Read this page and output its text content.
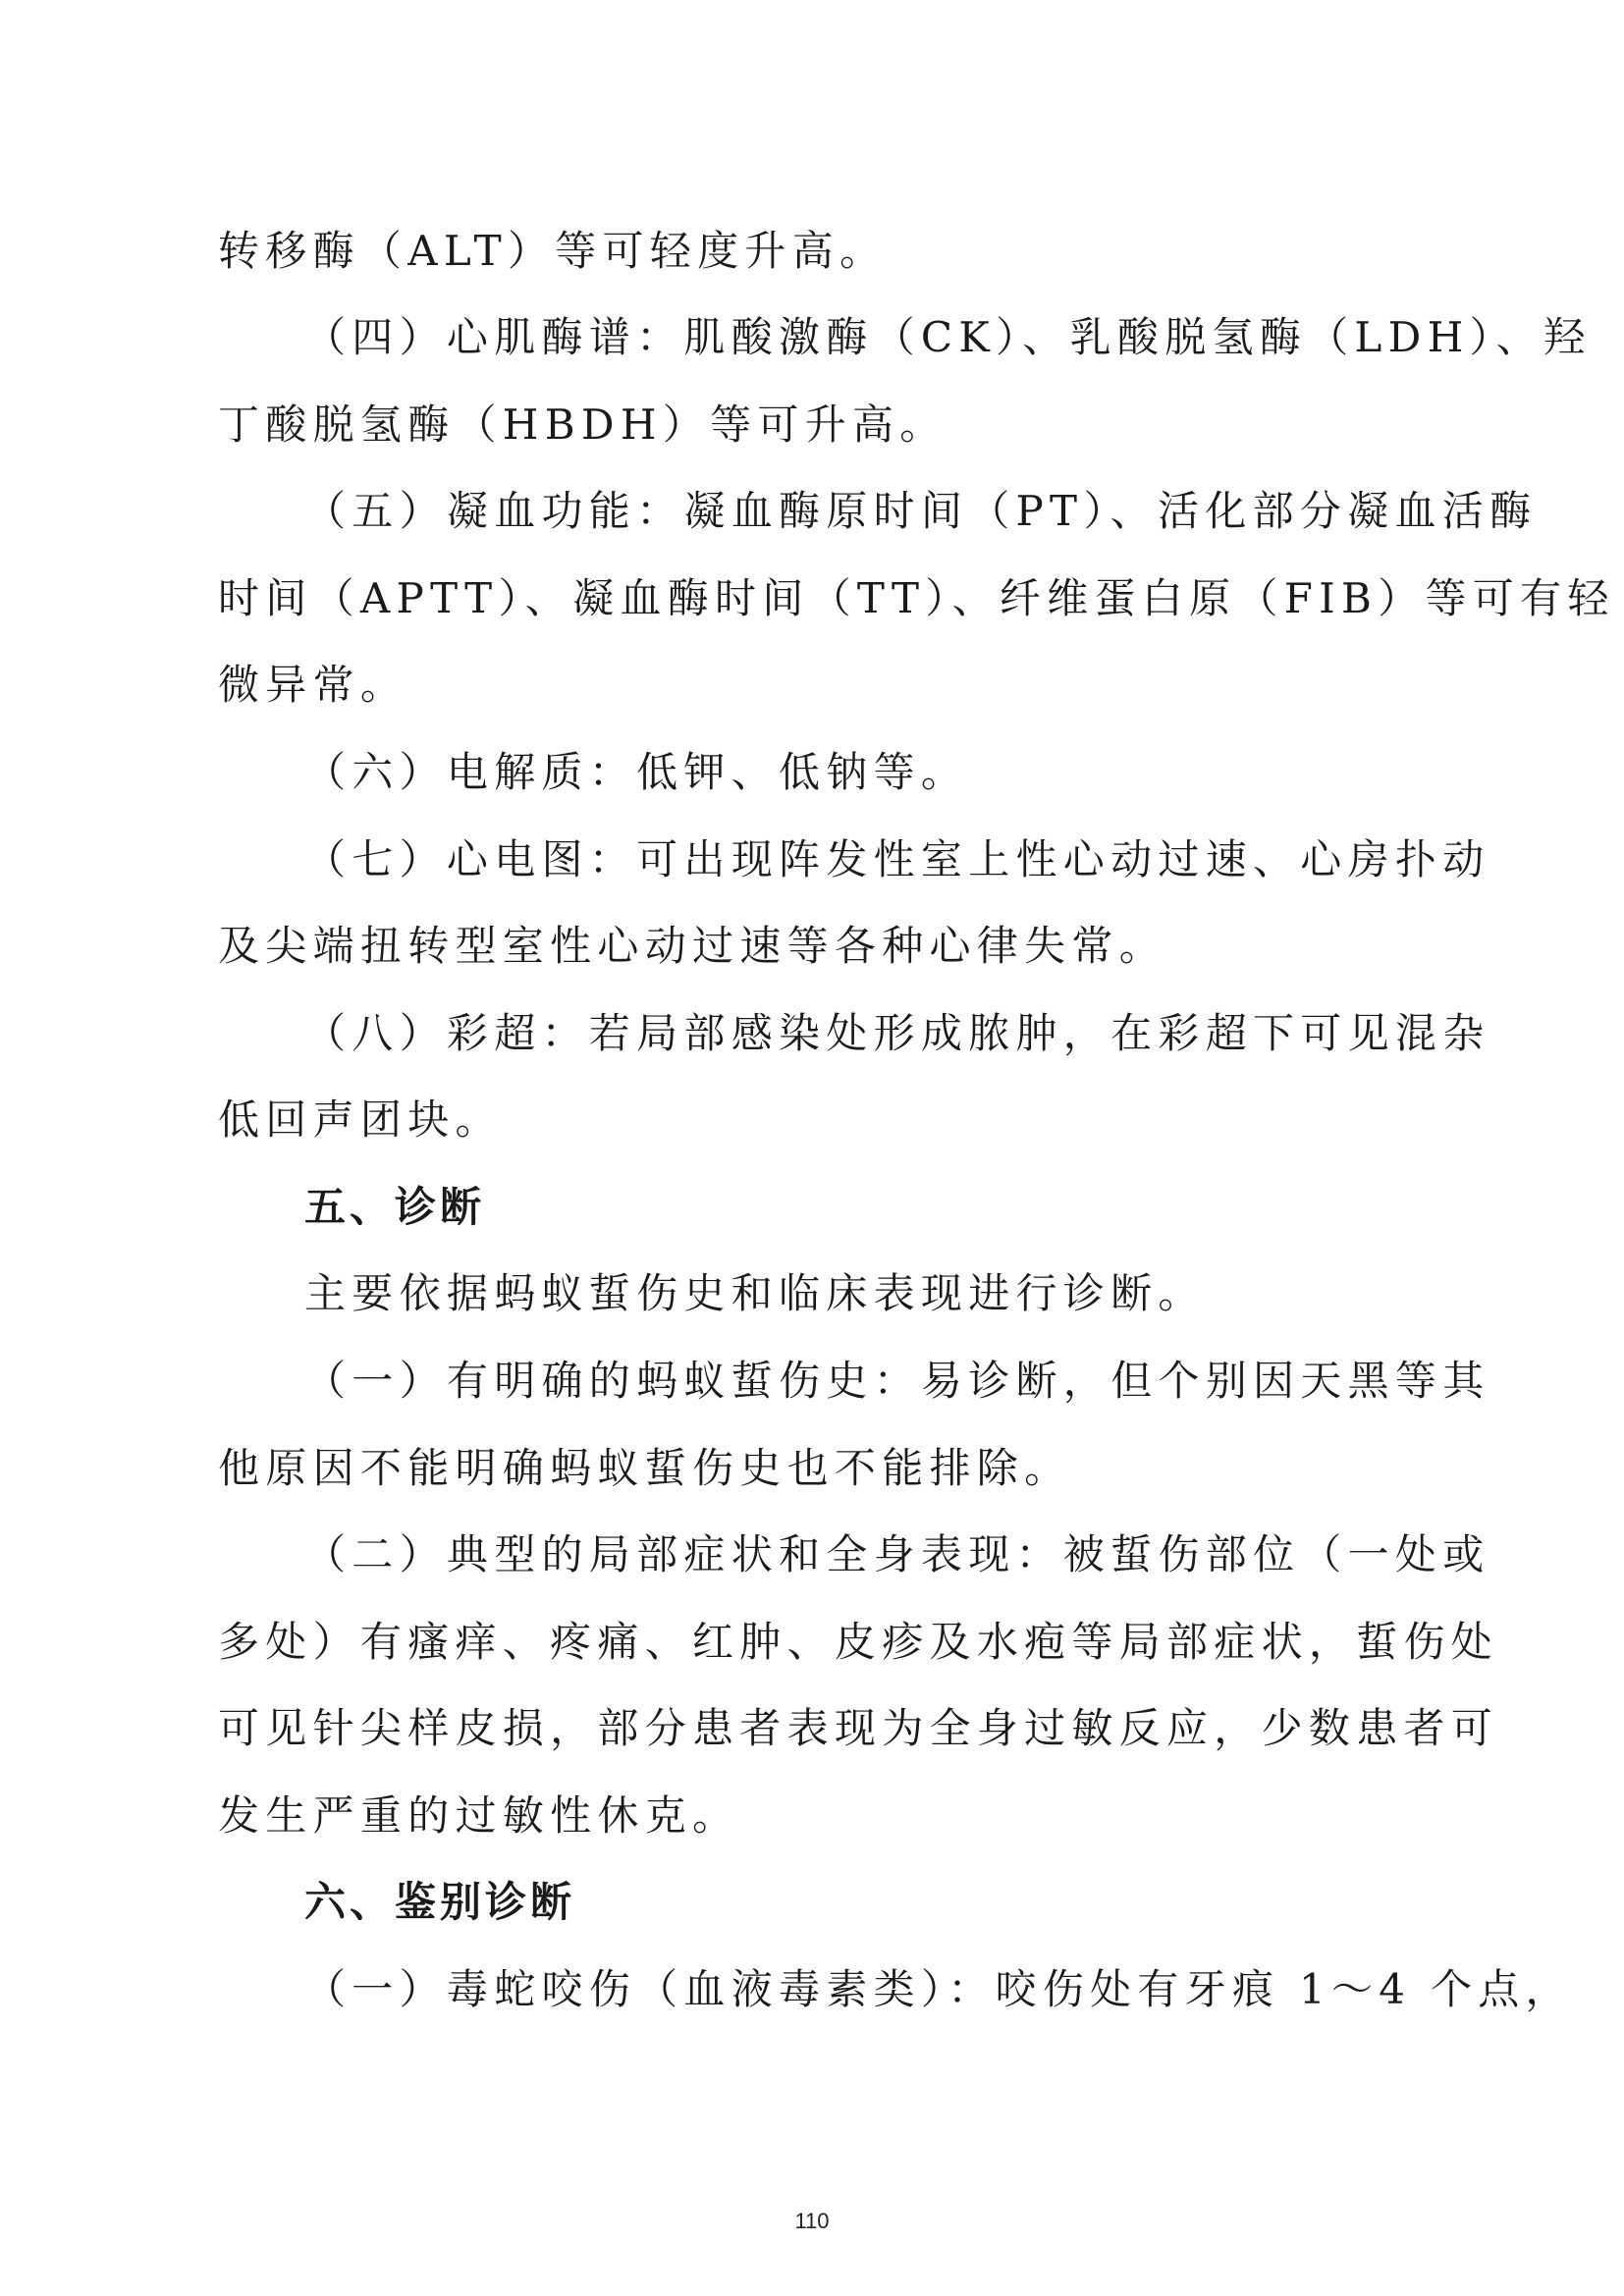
转移酶（ALT）等可轻度升高。
（四）心肌酶谱：肌酸激酶（CK）、乳酸脱氢酶（LDH）、羟
丁酸脱氢酶（HBDH）等可升高。
（五）凝血功能：凝血酶原时间（PT）、活化部分凝血活酶
时间（APTT）、凝血酶时间（TT）、纤维蛋白原（FIB）等可有轻
微异常。
（六）电解质：低钾、低钠等。
（七）心电图：可出现阵发性室上性心动过速、心房扑动
及尖端扭转型室性心动过速等各种心律失常。
（八）彩超：若局部感染处形成脓肿，在彩超下可见混杂
低回声团块。
五、诊断
主要依据蚂蚁蜇伤史和临床表现进行诊断。
（一）有明确的蚂蚁蜇伤史：易诊断，但个别因天黑等其
他原因不能明确蚂蚁蜇伤史也不能排除。
（二）典型的局部症状和全身表现：被蜇伤部位（一处或
多处）有瘙痒、疼痛、红肿、皮疹及水疱等局部症状，蜇伤处
可见针尖样皮损，部分患者表现为全身过敏反应，少数患者可
发生严重的过敏性休克。
六、鉴别诊断
（一）毒蛇咬伤（血液毒素类）：咬伤处有牙痕 1～4 个点，
110
